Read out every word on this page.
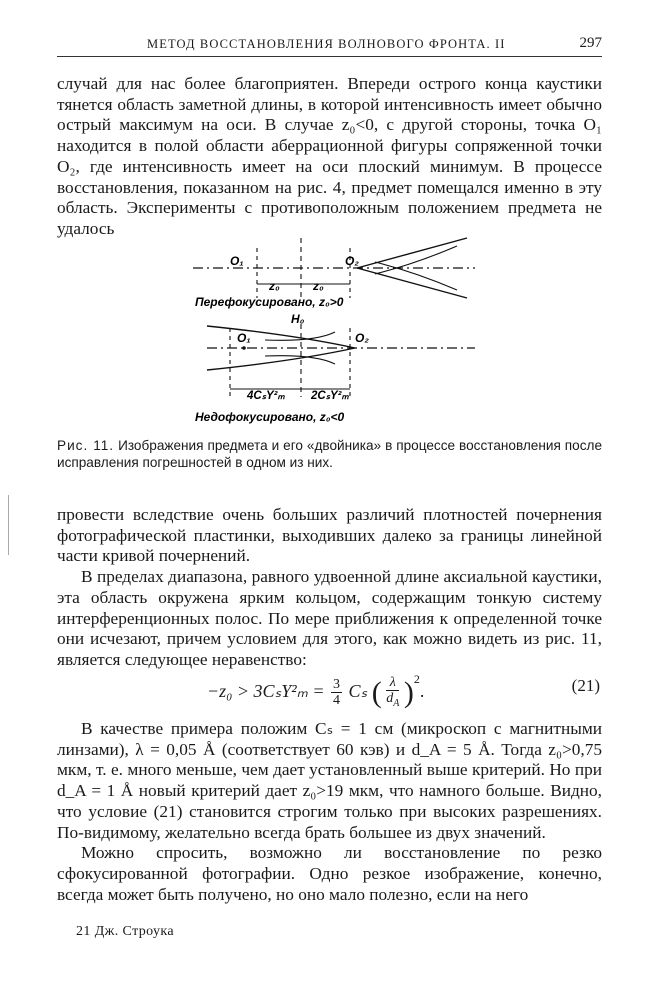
МЕТОД ВОССТАНОВЛЕНИЯ ВОЛНОВОГО ФРОНТА. II	297

случай для нас более благоприятен. Впереди острого конца каустики тянется область заметной длины, в которой интенсивность имеет обычно острый максимум на оси. В случае z₀<0, с другой стороны, точка O₁ находится в полой области аберрационной фигуры сопряженной точки O₂, где интенсивность имеет на оси плоский минимум. В процессе восстановления, показанном на рис. 4, предмет помещался именно в эту область. Эксперименты с противоположным положением предмета не удалось

O₁	O₂
z₀	z₀
Перефокусировано, z₀>0
H₀
O₁	O₂
4CₛY²ₘ 2CₛY²ₘ
Недофокусировано, z₀<0
Рис. 11. Изображения предмета и его «двойника» в процессе восстановления после исправления погрешностей в одном из них.

провести вследствие очень больших различий плотностей почернения фотографической пластинки, выходивших далеко за границы линейной части кривой почернений.

В пределах диапазона, равного удвоенной длине аксиальной каустики, эта область окружена ярким кольцом, содержащим тонкую систему интерференционных полос. По мере приближения к определенной точке они исчезают, причем условием для этого, как можно видеть из рис. 11, является следующее неравенство:

$-z_0 > 3C_sY^2_m = \frac{3}{4}$ Cₛ ( $\frac{\lambda}{d_A} )^2$.	(21)

В качестве примера положим Cₛ = 1 см (микроскоп с магнитными линзами), λ = 0,05 Å (соответствует 60 кэв) и d_A = 5 Å. Тогда z₀>0,75 мкм, т. е. много меньше, чем дает установленный выше критерий. Но при d_A = 1 Å новый критерий дает z₀>19 мкм, что намного больше. Видно, что условие (21) становится строгим только при высоких разрешениях. По-видимому, желательно всегда брать большее из двух значений.

Можно спросить, возможно ли восстановление по резко сфокусированной фотографии. Одно резкое изображение, конечно, всегда может быть получено, но оно мало полезно, если на него

21 Дж. Строука
